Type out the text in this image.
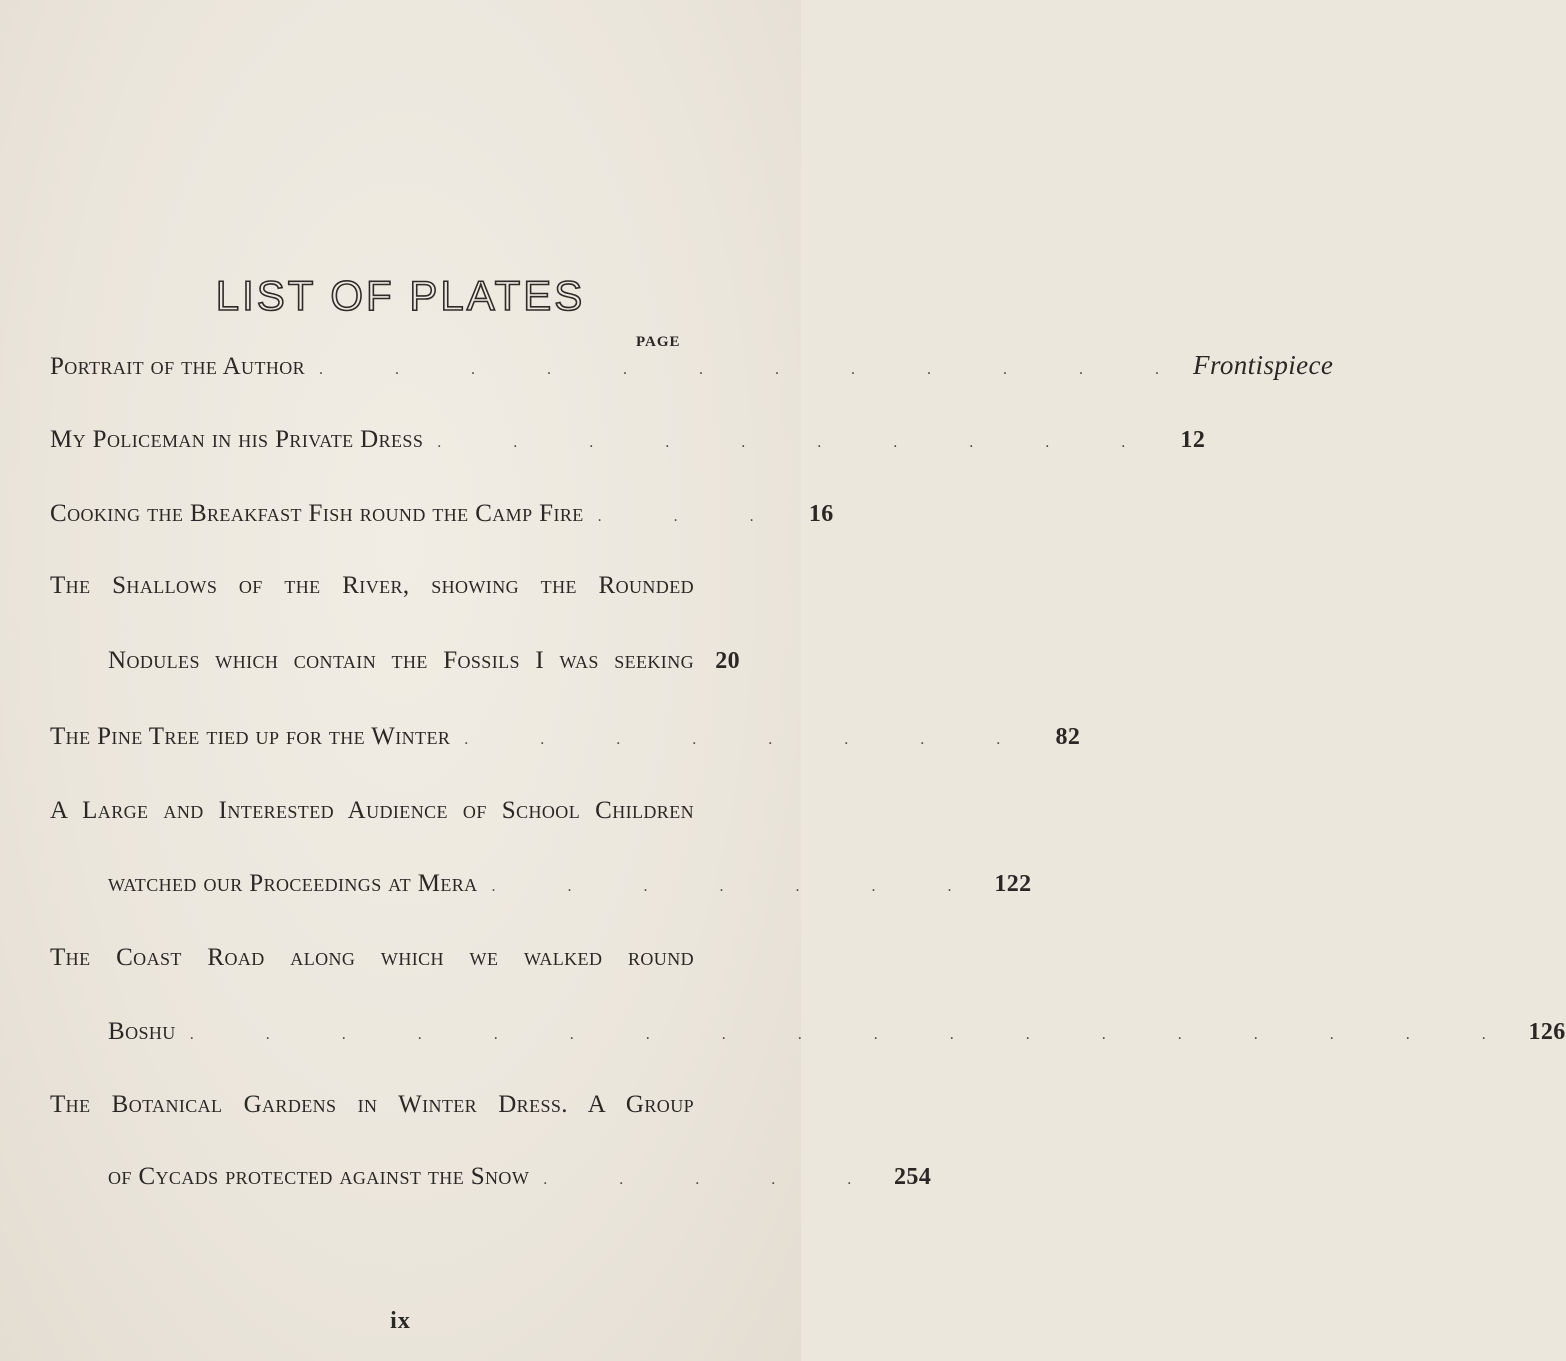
LIST OF PLATES
PAGE
Portrait of the Author . . . . . . . . . . . . Frontispiece
My Policeman in his Private Dress . . . . . . . . . . 12
Cooking the Breakfast Fish round the Camp Fire . . . 16
The Shallows of the River, showing the Rounded
Nodules which contain the Fossils I was seeking 20
The Pine Tree tied up for the Winter . . . . . . . . 82
A Large and Interested Audience of School Children
watched our Proceedings at Mera . . . . . . . 122
The Coast Road along which we walked round
Boshu . . . . . . . . . . . . . . . . . . 126
The Botanical Gardens in Winter Dress. A Group
of Cycads protected against the Snow . . . . . 254
ix
